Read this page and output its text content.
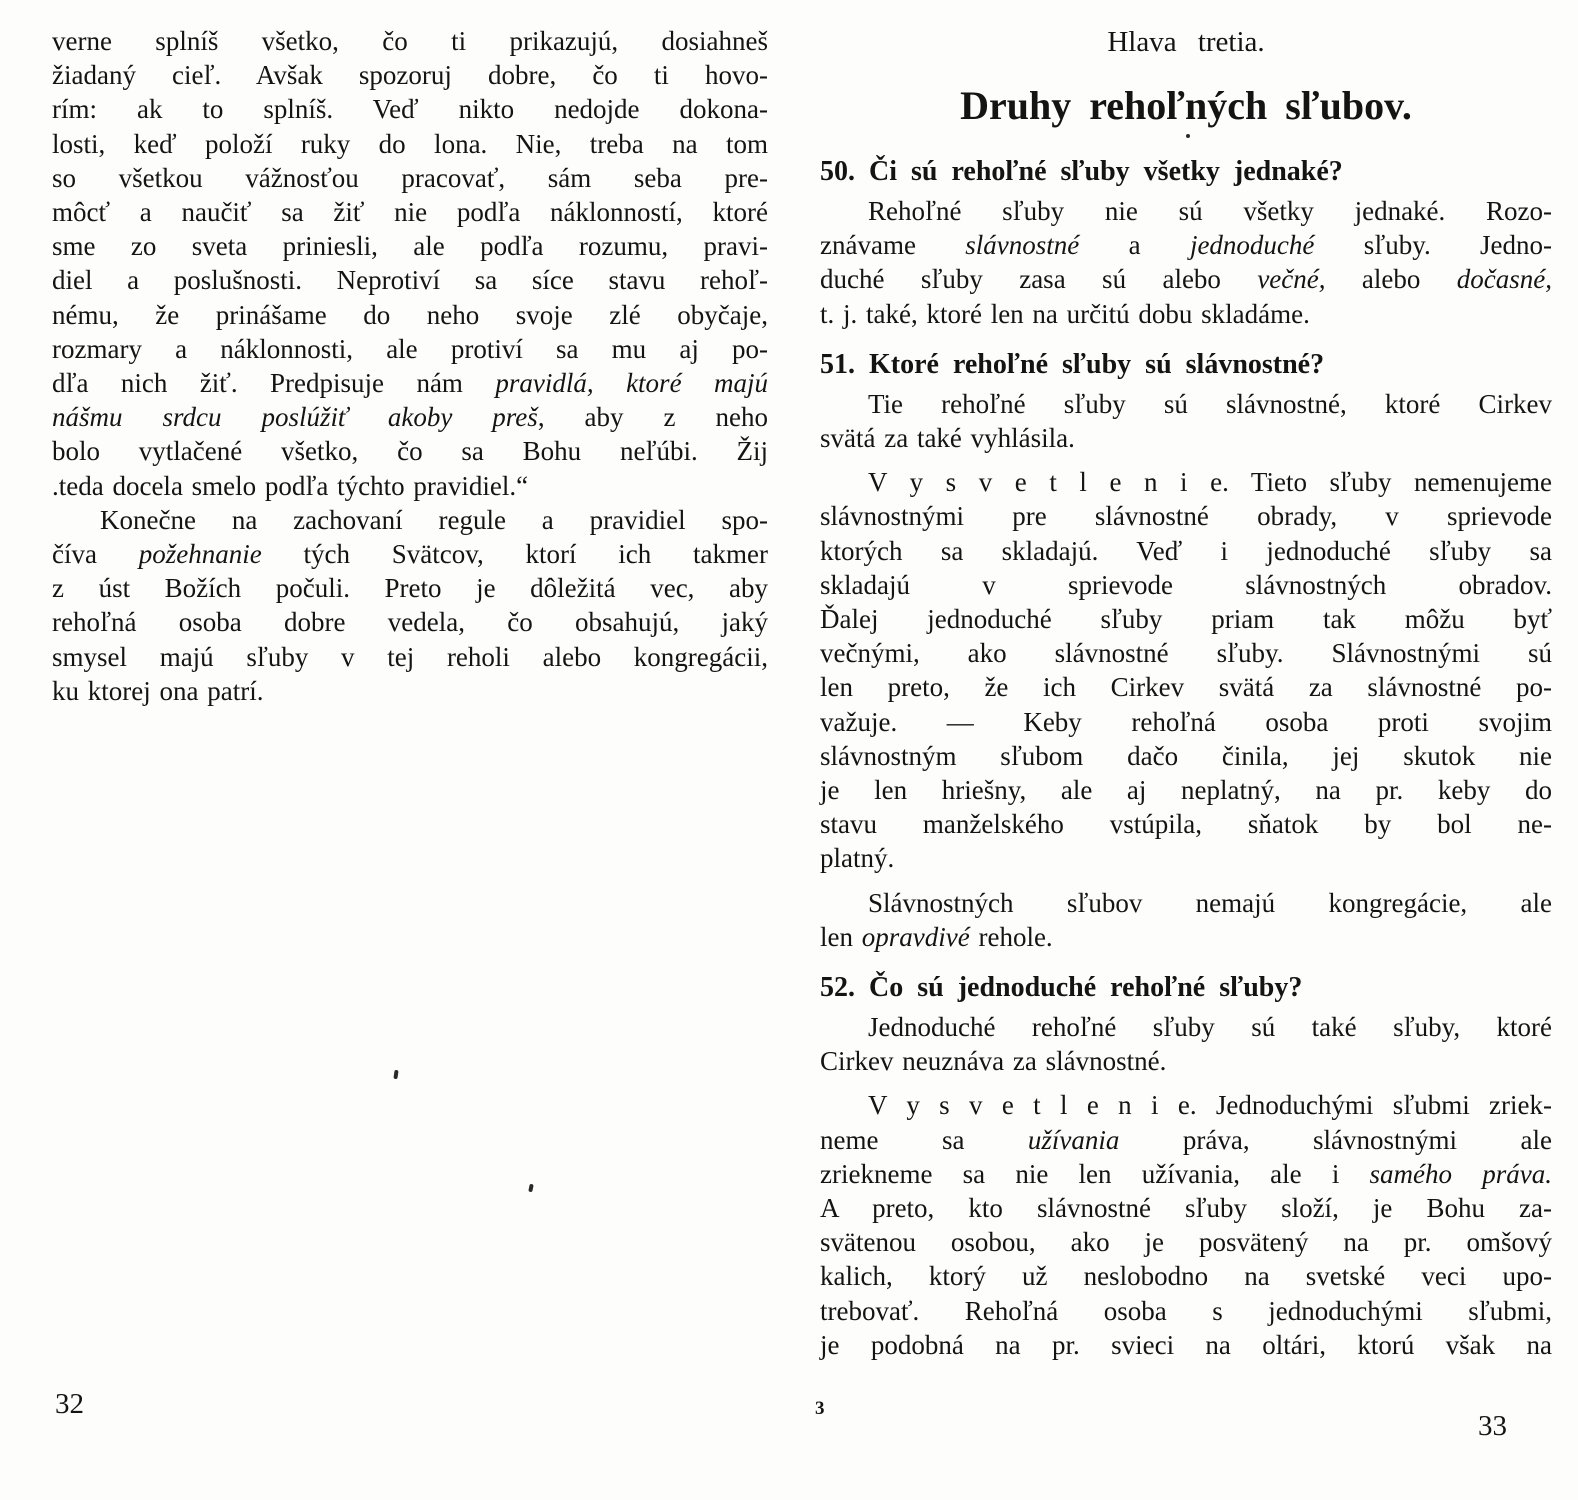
verne splníš všetko, čo ti prikazujú, dosiahneš
žiadaný cieľ. Avšak spozoruj dobre, čo ti hovo-
rím: ak to splníš. Veď nikto nedojde dokona-
losti, keď položí ruky do lona. Nie, treba na tom
so všetkou vážnosťou pracovať, sám seba pre-
môcť a naučiť sa žiť nie podľa náklonností, ktoré
sme zo sveta priniesli, ale podľa rozumu, pravi-
diel a poslušnosti. Neprotiví sa síce stavu rehoľ-
nému, že prinášame do neho svoje zlé obyčaje,
rozmary a náklonnosti, ale protiví sa mu aj po-
dľa nich žiť. Predpisuje nám pravidlá, ktoré majú
nášmu srdcu poslúžiť akoby preš, aby z neho
bolo vytlačené všetko, čo sa Bohu neľúbi. Žij
.teda docela smelo podľa týchto pravidiel.“
Konečne na zachovaní regule a pravidiel spo-
číva požehnanie tých Svätcov, ktorí ich takmer
z úst Božích počuli. Preto je dôležitá vec, aby
rehoľná osoba dobre vedela, čo obsahujú, jaký
smysel majú sľuby v tej reholi alebo kongregácii,
ku ktorej ona patrí.
Hlava tretia.
Druhy rehoľných sľubov.
50. Či sú rehoľné sľuby všetky jednaké?
Rehoľné sľuby nie sú všetky jednaké. Rozo-
znávame slávnostné a jednoduché sľuby. Jedno-
duché sľuby zasa sú alebo večné, alebo dočasné,
t. j. také, ktoré len na určitú dobu skladáme.
51. Ktoré rehoľné sľuby sú slávnostné?
Tie rehoľné sľuby sú slávnostné, ktoré Cirkev
svätá za také vyhlásila.
V y s v e t l e n i e. Tieto sľuby nemenujeme
slávnostnými pre slávnostné obrady, v sprievode
ktorých sa skladajú. Veď i jednoduché sľuby sa
skladajú v sprievode slávnostných obradov.
Ďalej jednoduché sľuby priam tak môžu byť
večnými, ako slávnostné sľuby. Slávnostnými sú
len preto, že ich Cirkev svätá za slávnostné po-
važuje. — Keby rehoľná osoba proti svojim
slávnostným sľubom dačo činila, jej skutok nie
je len hriešny, ale aj neplatný, na pr. keby do
stavu manželského vstúpila, sňatok by bol ne-
platný.
Slávnostných sľubov nemajú kongregácie, ale
len opravdivé rehole.
52. Čo sú jednoduché rehoľné sľuby?
Jednoduché rehoľné sľuby sú také sľuby, ktoré
Cirkev neuznáva za slávnostné.
V y s v e t l e n i e. Jednoduchými sľubmi zriek-
neme sa užívania práva, slávnostnými ale
zriekneme sa nie len užívania, ale i samého práva.
A preto, kto slávnostné sľuby složí, je Bohu za-
svätenou osobou, ako je posvätený na pr. omšový
kalich, ktorý už neslobodno na svetské veci upo-
trebovať. Rehoľná osoba s jednoduchými sľubmi,
je podobná na pr. svieci na oltári, ktorú však na
32	3
33
